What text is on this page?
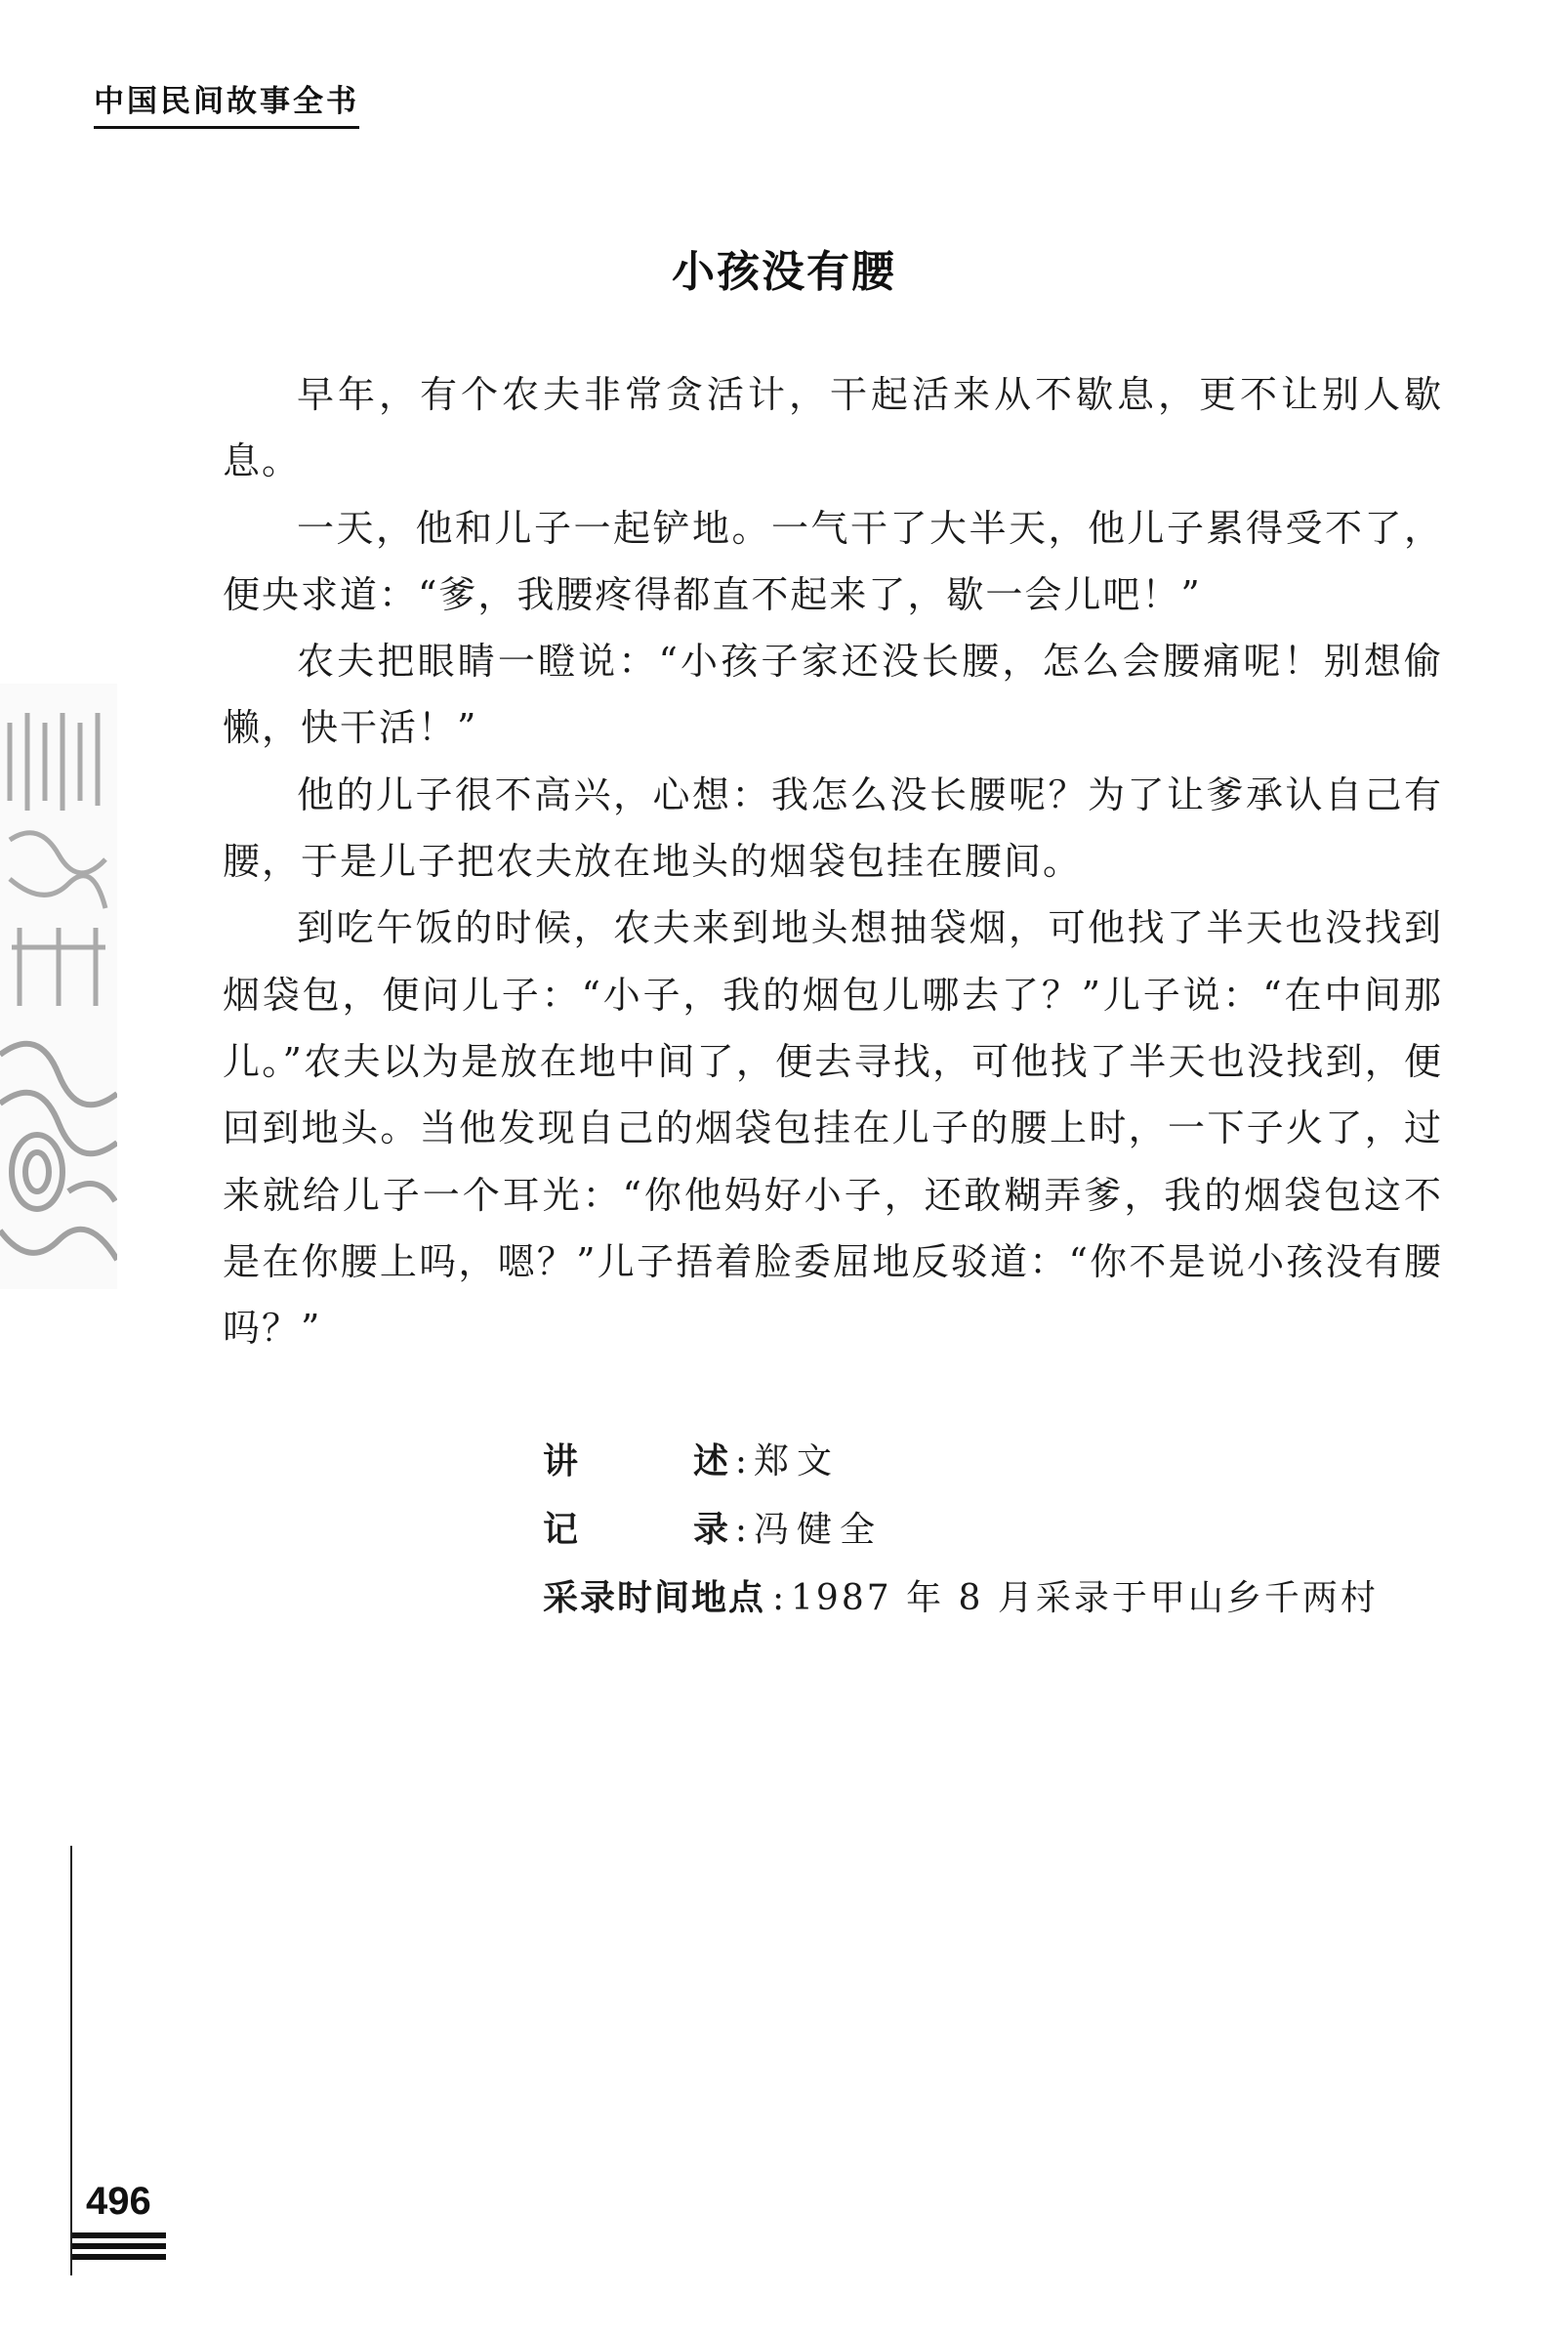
中国民间故事全书
小孩没有腰

早年，有个农夫非常贪活计，干起活来从不歇息，更不让别人歇息。

一天，他和儿子一起铲地。一气干了大半天，他儿子累得受不了，便央求道：“爹，我腰疼得都直不起来了，歇一会儿吧！”

农夫把眼睛一瞪说：“小孩子家还没长腰，怎么会腰痛呢！别想偷懒，快干活！”

他的儿子很不高兴，心想：我怎么没长腰呢？为了让爹承认自己有腰，于是儿子把农夫放在地头的烟袋包挂在腰间。

到吃午饭的时候，农夫来到地头想抽袋烟，可他找了半天也没找到烟袋包，便问儿子：“小子，我的烟包儿哪去了？”儿子说：“在中间那儿。”农夫以为是放在地中间了，便去寻找，可他找了半天也没找到，便回到地头。当他发现自己的烟袋包挂在儿子的腰上时，一下子火了，过来就给儿子一个耳光：“你他妈好小子，还敢糊弄爹，我的烟袋包这不是在你腰上吗，嗯？”儿子捂着脸委屈地反驳道：“你不是说小孩没有腰吗？”

讲述 : 郑文
记录 : 冯健全
采录时间地点 : 1987 年 8 月采录于甲山乡千两村
496
